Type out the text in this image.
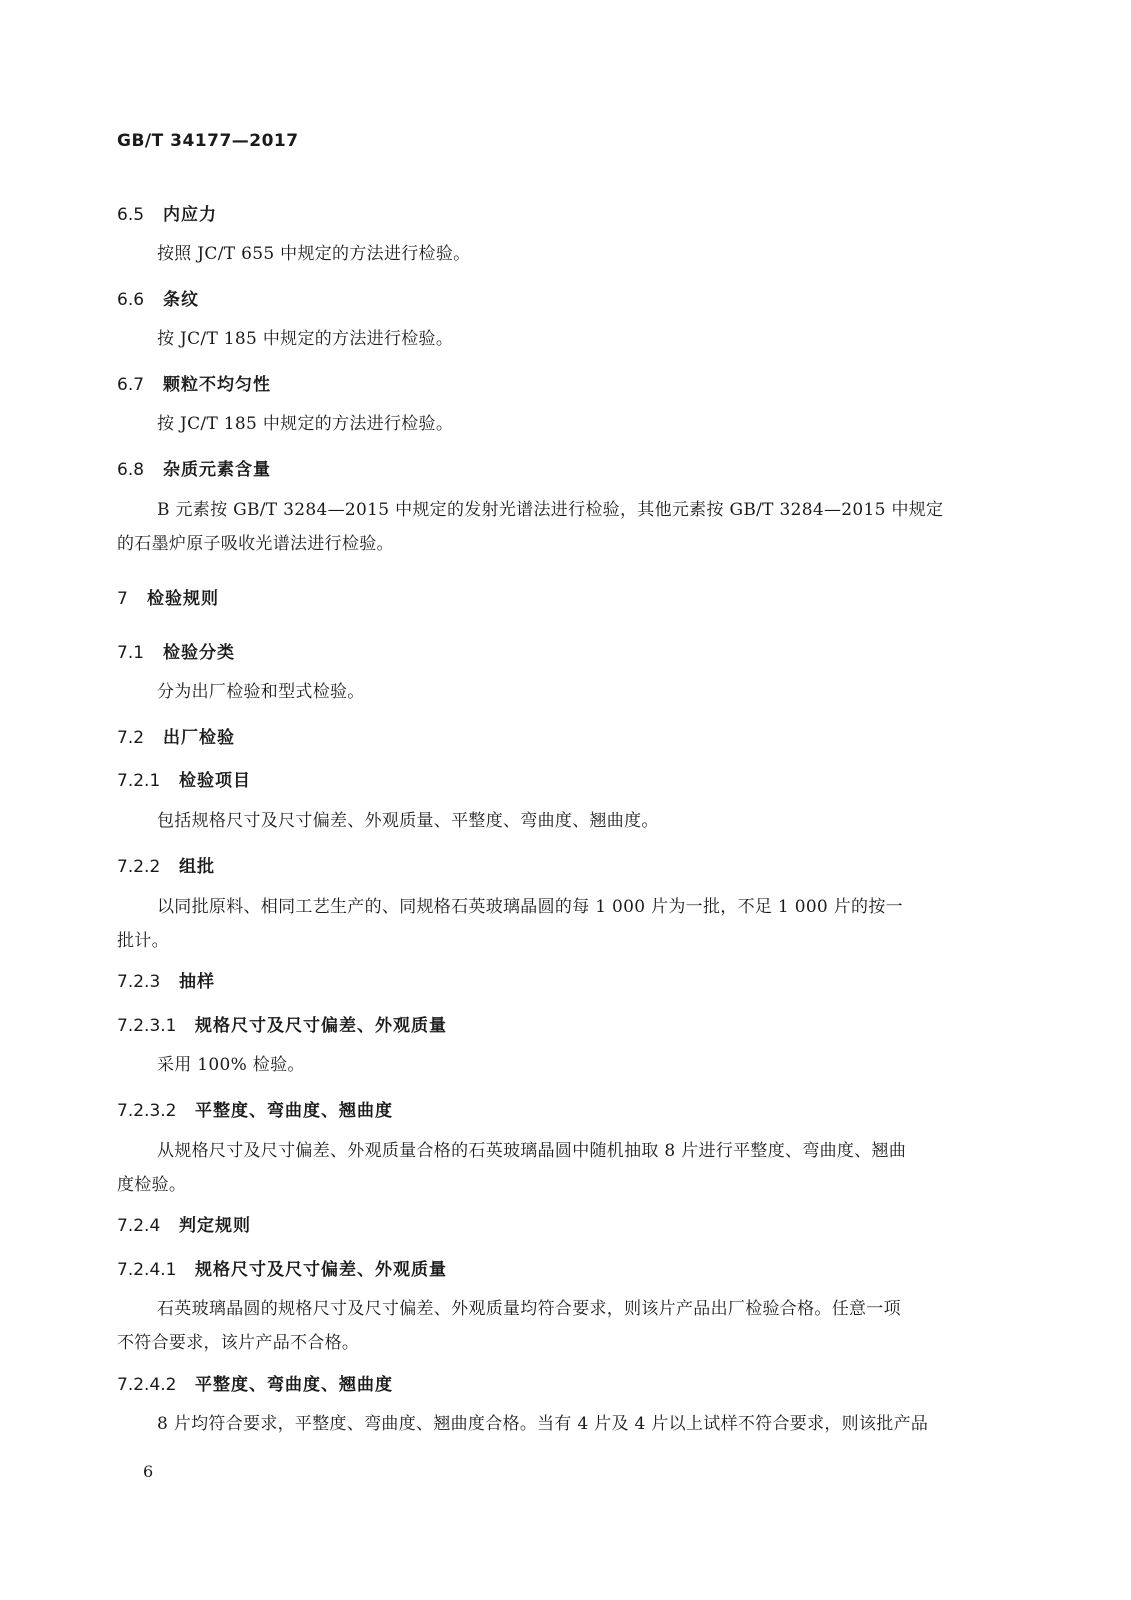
GB/T 34177—2017
6.5 内应力
按照 JC/T 655 中规定的方法进行检验。
6.6 条纹
按 JC/T 185 中规定的方法进行检验。
6.7 颗粒不均匀性
按 JC/T 185 中规定的方法进行检验。
6.8 杂质元素含量
B 元素按 GB/T 3284—2015 中规定的发射光谱法进行检验，其他元素按 GB/T 3284—2015 中规定
的石墨炉原子吸收光谱法进行检验。
7 检验规则
7.1 检验分类
分为出厂检验和型式检验。
7.2 出厂检验
7.2.1 检验项目
包括规格尺寸及尺寸偏差、外观质量、平整度、弯曲度、翘曲度。
7.2.2 组批
以同批原料、相同工艺生产的、同规格石英玻璃晶圆的每 1 000 片为一批，不足 1 000 片的按一
批计。
7.2.3 抽样
7.2.3.1 规格尺寸及尺寸偏差、外观质量
采用 100% 检验。
7.2.3.2 平整度、弯曲度、翘曲度
从规格尺寸及尺寸偏差、外观质量合格的石英玻璃晶圆中随机抽取 8 片进行平整度、弯曲度、翘曲
度检验。
7.2.4 判定规则
7.2.4.1 规格尺寸及尺寸偏差、外观质量
石英玻璃晶圆的规格尺寸及尺寸偏差、外观质量均符合要求，则该片产品出厂检验合格。任意一项
不符合要求，该片产品不合格。
7.2.4.2 平整度、弯曲度、翘曲度
8 片均符合要求，平整度、弯曲度、翘曲度合格。当有 4 片及 4 片以上试样不符合要求，则该批产品
6
